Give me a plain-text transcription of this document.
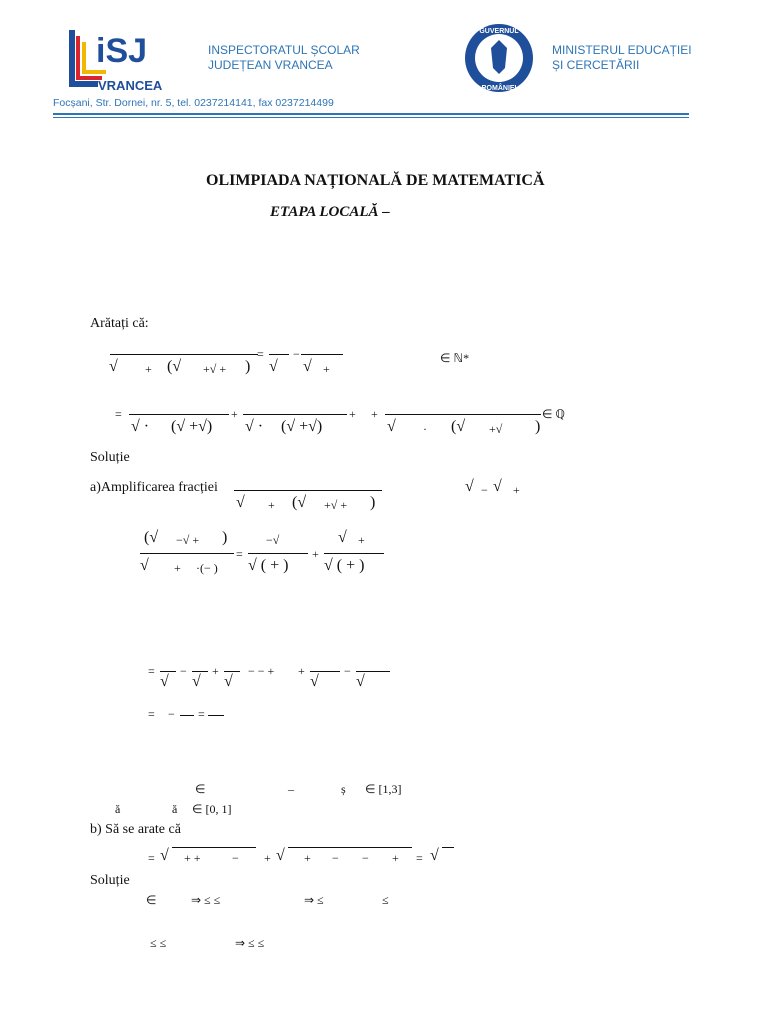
iSJ
VRANCEA
INSPECTORATUL ȘCOLAR
JUDEȚEAN VRANCEA
GUVERNUL
ROMÂNIEI
MINISTERUL EDUCAȚIEI
ȘI CERCETĂRII
Focșani, Str. Dornei, nr. 5, tel. 0237214141, fax 0237214499
OLIMPIADA NAȚIONALĂ DE MATEMATICĂ
ETAPA LOCALĂ –
Arătați că:
√ + (√ +√ + )
=
√
−
√ +
∈ ℕ*
=
√ · (√ +√)
+
√ · (√ +√)
+ +
√ · (√ +√ )
∈ ℚ
Soluție
a)Amplificarea fracției
√ + (√ +√ + )
√ − √ +
(√ −√ + )
√ + ·(− )
=
−√
√ ( + )
+
√ +
√ ( + )
=
√
−
√
+
√
− − + +
√
−
√
= − =
∈	–	ș ∈ [1,3]
ă	ă ∈ [0, 1]
b) Să se arate că
= √ + +	− + √ + − − + = √
Soluție
∈	⇒ ≤ ≤	⇒ ≤	≤
≤ ≤	⇒ ≤ ≤
